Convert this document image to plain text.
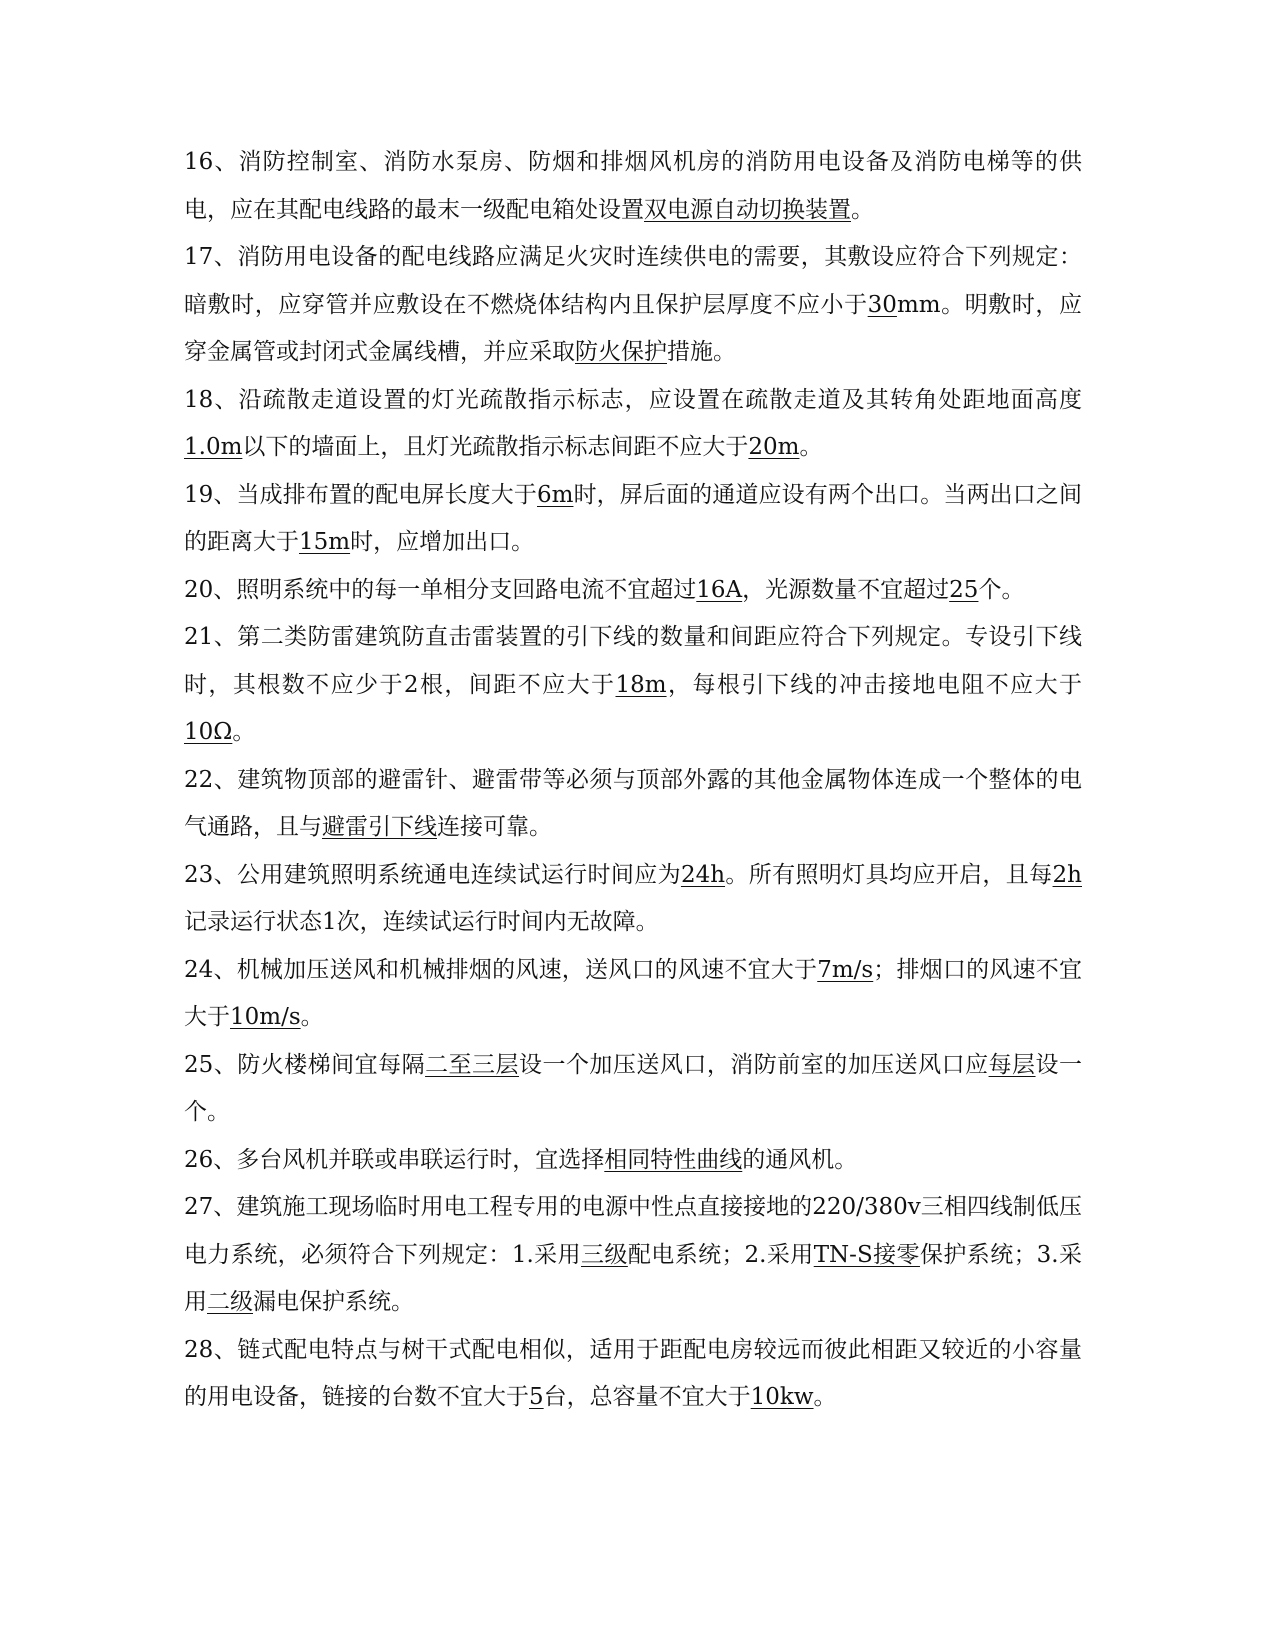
16、消防控制室、消防水泵房、防烟和排烟风机房的消防用电设备及消防电梯等的供电，应在其配电线路的最末一级配电箱处设置双电源自动切换装置。

17、消防用电设备的配电线路应满足火灾时连续供电的需要，其敷设应符合下列规定：暗敷时，应穿管并应敷设在不燃烧体结构内且保护层厚度不应小于30mm。明敷时，应穿金属管或封闭式金属线槽，并应采取防火保护措施。

18、沿疏散走道设置的灯光疏散指示标志，应设置在疏散走道及其转角处距地面高度1.0m以下的墙面上，且灯光疏散指示标志间距不应大于20m。

19、当成排布置的配电屏长度大于6m时，屏后面的通道应设有两个出口。当两出口之间的距离大于15m时，应增加出口。

20、照明系统中的每一单相分支回路电流不宜超过16A，光源数量不宜超过25个。

21、第二类防雷建筑防直击雷装置的引下线的数量和间距应符合下列规定。专设引下线时，其根数不应少于2根，间距不应大于18m，每根引下线的冲击接地电阻不应大于10Ω。

22、建筑物顶部的避雷针、避雷带等必须与顶部外露的其他金属物体连成一个整体的电气通路，且与避雷引下线连接可靠。

23、公用建筑照明系统通电连续试运行时间应为24h。所有照明灯具均应开启，且每2h记录运行状态1次，连续试运行时间内无故障。

24、机械加压送风和机械排烟的风速，送风口的风速不宜大于7m/s；排烟口的风速不宜大于10m/s。

25、防火楼梯间宜每隔二至三层设一个加压送风口，消防前室的加压送风口应每层设一个。

26、多台风机并联或串联运行时，宜选择相同特性曲线的通风机。

27、建筑施工现场临时用电工程专用的电源中性点直接接地的220/380v三相四线制低压电力系统，必须符合下列规定：1.采用三级配电系统；2.采用TN-S接零保护系统；3.采用二级漏电保护系统。

28、链式配电特点与树干式配电相似，适用于距配电房较远而彼此相距又较近的小容量的用电设备，链接的台数不宜大于5台，总容量不宜大于10kw。
